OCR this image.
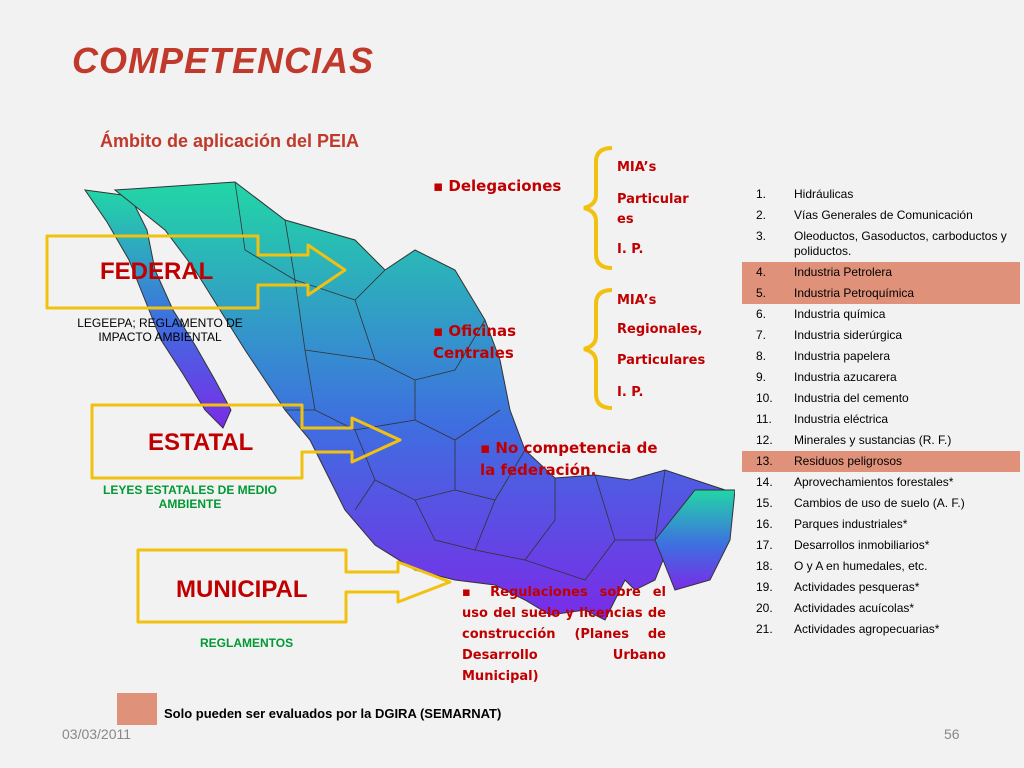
COMPETENCIAS
Ámbito de aplicación del PEIA
FEDERAL
LEGEEPA; REGLAMENTO DE IMPACTO AMBIENTAL
ESTATAL
LEYES ESTATALES DE MEDIO AMBIENTE
MUNICIPAL
REGLAMENTOS
▪ Delegaciones
MIA’s
Particular es
I. P.
▪ Oficinas Centrales
MIA’s
Regionales,
Particulares
I. P.
▪ No competencia de la federación.
▪ Regulaciones sobre el uso del suelo y licencias de construcción (Planes de Desarrollo Urbano Municipal)
1. Hidráulicas
2. Vías Generales de Comunicación
3. Oleoductos, Gasoductos, carboductos y poliductos.
4. Industria Petrolera
5. Industria Petroquímica
6. Industria química
7. Industria siderúrgica
8. Industria papelera
9. Industria azucarera
10. Industria del cemento
11. Industria eléctrica
12. Minerales y sustancias (R. F.)
13. Residuos peligrosos
14. Aprovechamientos forestales*
15. Cambios de uso de suelo (A. F.)
16. Parques industriales*
17. Desarrollos inmobiliarios*
18. O y A en humedales, etc.
19. Actividades pesqueras*
20. Actividades acuícolas*
21. Actividades agropecuarias*
Solo pueden ser evaluados por la DGIRA (SEMARNAT)
03/03/2011	56
